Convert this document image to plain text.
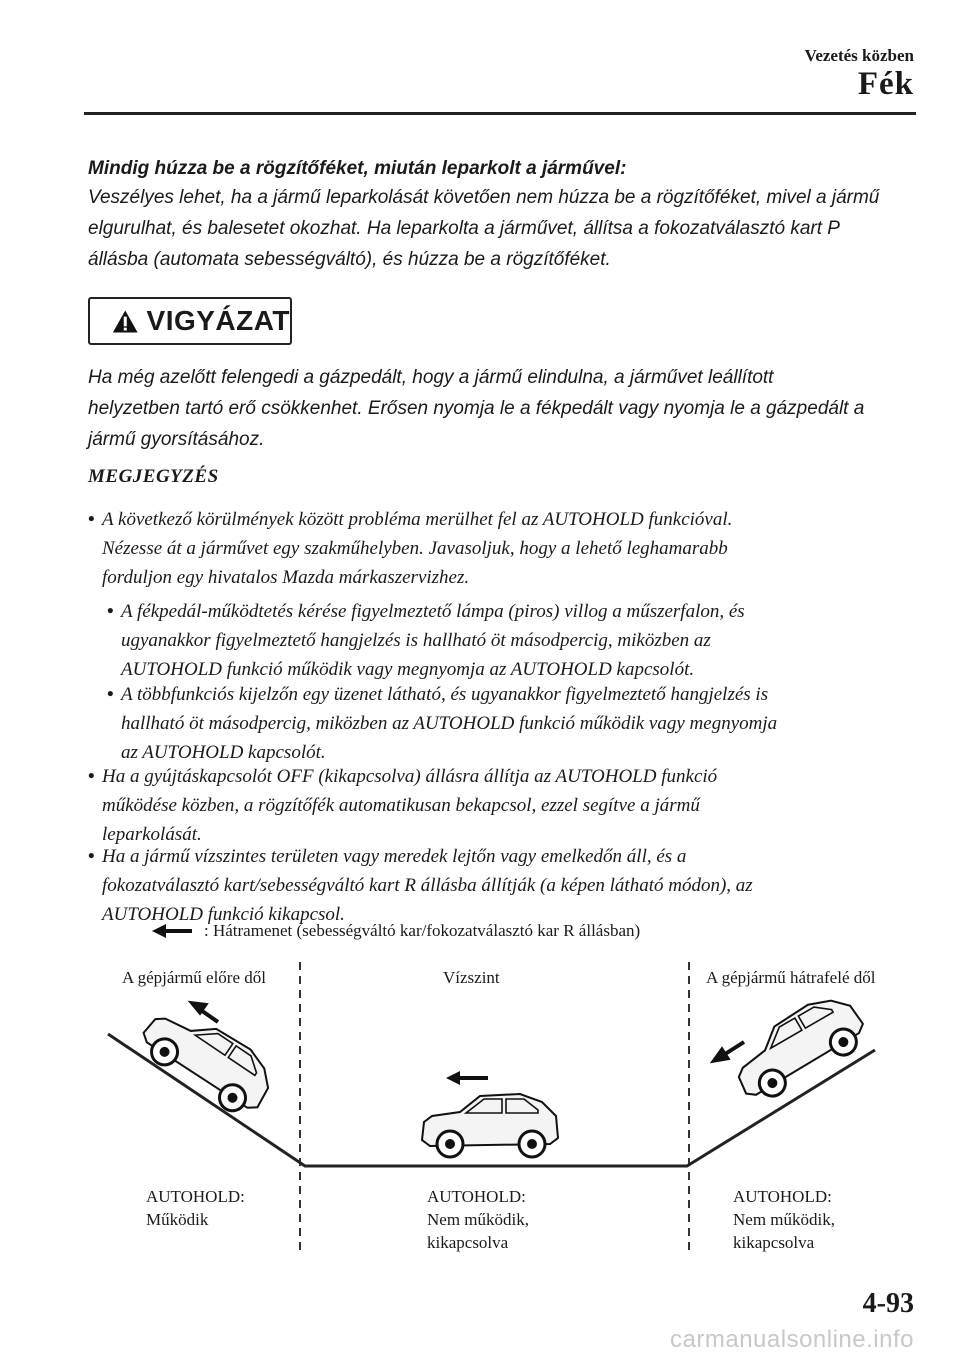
Vezetés közben
Fék
Mindig húzza be a rögzítőféket, miután leparkolt a járművel:
Veszélyes lehet, ha a jármű leparkolását követően nem húzza be a rögzítőféket, mivel a jármű
elgurulhat, és balesetet okozhat. Ha leparkolta a járművet, állítsa a fokozatválasztó kart P
állásba (automata sebességváltó), és húzza be a rögzítőféket.
VIGYÁZAT
Ha még azelőtt felengedi a gázpedált, hogy a jármű elindulna, a járművet leállított
helyzetben tartó erő csökkenhet. Erősen nyomja le a fékpedált vagy nyomja le a gázpedált a
jármű gyorsításához.
MEGJEGYZÉS
• A következő körülmények között probléma merülhet fel az AUTOHOLD funkcióval.
Nézesse át a járművet egy szakműhelyben. Javasoljuk, hogy a lehető leghamarabb
forduljon egy hivatalos Mazda márkaszervizhez.
• A fékpedál-működtetés kérése figyelmeztető lámpa (piros) villog a műszerfalon, és
ugyanakkor figyelmeztető hangjelzés is hallható öt másodpercig, miközben az
AUTOHOLD funkció működik vagy megnyomja az AUTOHOLD kapcsolót.
• A többfunkciós kijelzőn egy üzenet látható, és ugyanakkor figyelmeztető hangjelzés is
hallható öt másodpercig, miközben az AUTOHOLD funkció működik vagy megnyomja
az AUTOHOLD kapcsolót.
• Ha a gyújtáskapcsolót OFF (kikapcsolva) állásra állítja az AUTOHOLD funkció
működése közben, a rögzítőfék automatikusan bekapcsol, ezzel segítve a jármű
leparkolását.
• Ha a jármű vízszintes területen vagy meredek lejtőn vagy emelkedőn áll, és a
fokozatválasztó kart/sebességváltó kart R állásba állítják (a képen látható módon), az
AUTOHOLD funkció kikapcsol.
: Hátramenet (sebességváltó kar/fokozatválasztó kar R állásban)
A gépjármű előre dől	Vízszint	A gépjármű hátrafelé dől
AUTOHOLD:
Működik
AUTOHOLD:
Nem működik,
kikapcsolva
AUTOHOLD:
Nem működik,
kikapcsolva
4-93
carmanualsonline.info
